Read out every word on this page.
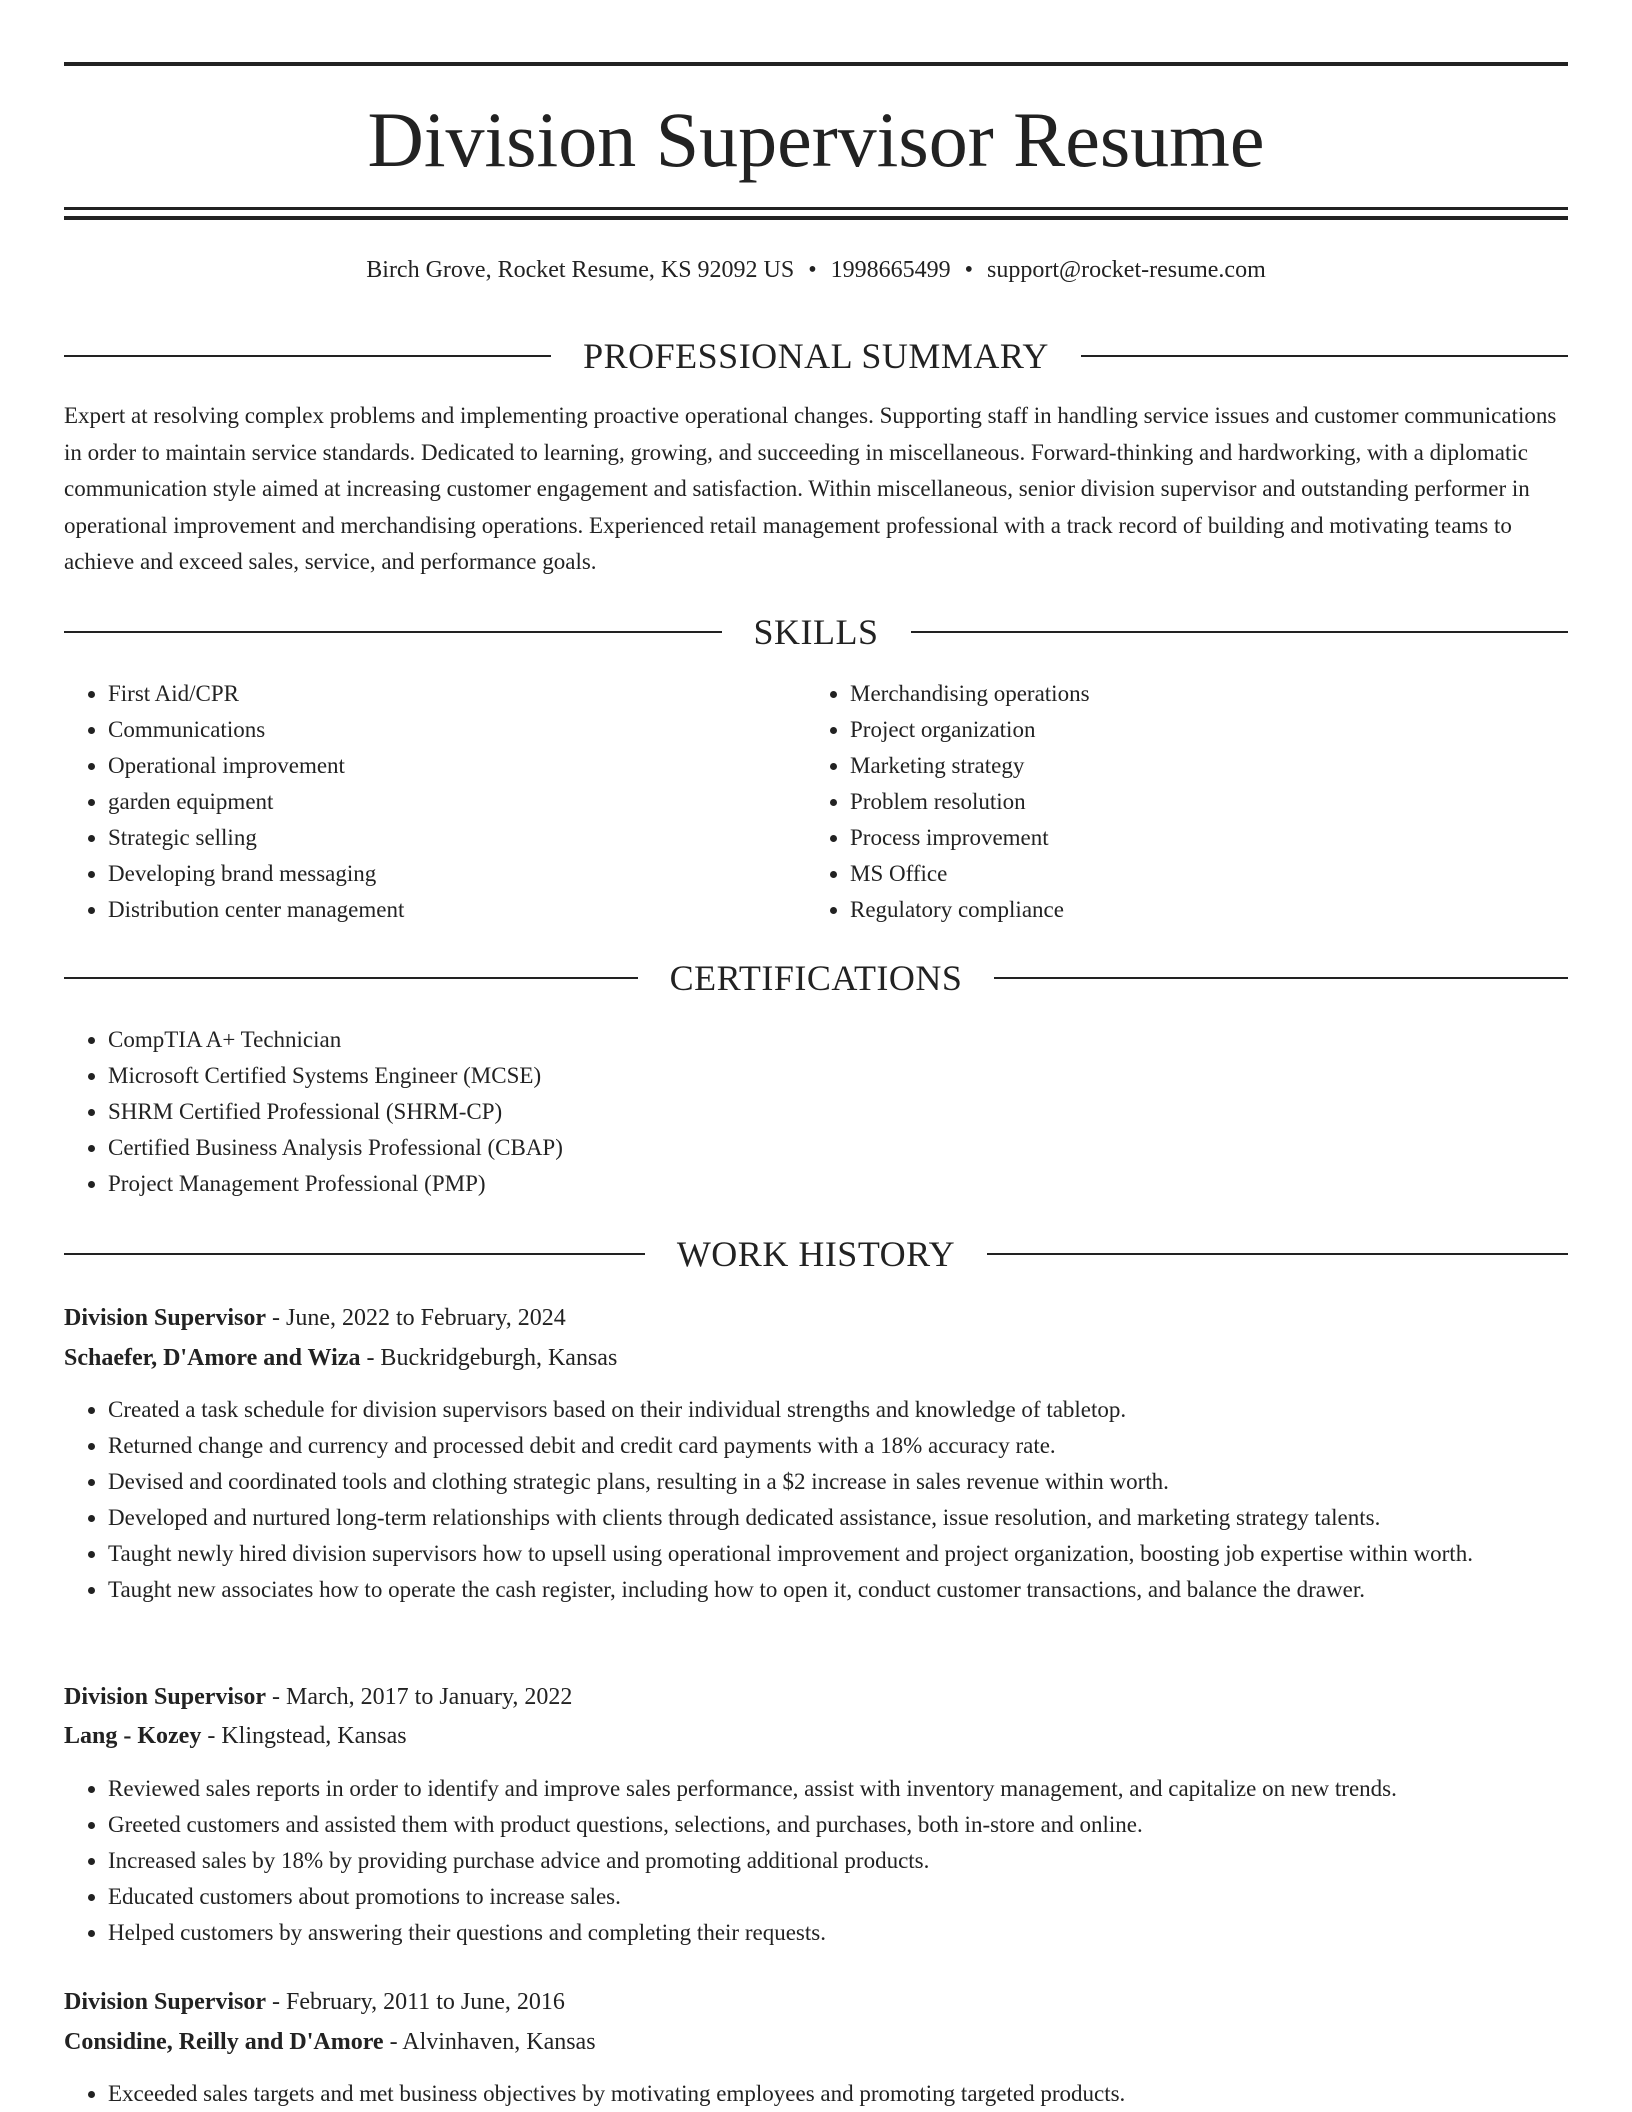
Division Supervisor Resume
Birch Grove, Rocket Resume, KS 92092 US • 1998665499 • support@rocket-resume.com
PROFESSIONAL SUMMARY

Expert at resolving complex problems and implementing proactive operational changes. Supporting staff in handling service issues and customer communications in order to maintain service standards. Dedicated to learning, growing, and succeeding in miscellaneous. Forward-thinking and hardworking, with a diplomatic communication style aimed at increasing customer engagement and satisfaction. Within miscellaneous, senior division supervisor and outstanding performer in operational improvement and merchandising operations. Experienced retail management professional with a track record of building and motivating teams to achieve and exceed sales, service, and performance goals.

SKILLS
• First Aid/CPR
• Communications
• Operational improvement
• garden equipment
• Strategic selling
• Developing brand messaging
• Distribution center management
• Merchandising operations
• Project organization
• Marketing strategy
• Problem resolution
• Process improvement
• MS Office
• Regulatory compliance
CERTIFICATIONS
• CompTIA A+ Technician
• Microsoft Certified Systems Engineer (MCSE)
• SHRM Certified Professional (SHRM-CP)
• Certified Business Analysis Professional (CBAP)
• Project Management Professional (PMP)
WORK HISTORY
Division Supervisor - June, 2022 to February, 2024
Schaefer, D'Amore and Wiza - Buckridgeburgh, Kansas
• Created a task schedule for division supervisors based on their individual strengths and knowledge of tabletop.
• Returned change and currency and processed debit and credit card payments with a 18% accuracy rate.
• Devised and coordinated tools and clothing strategic plans, resulting in a $2 increase in sales revenue within worth.
• Developed and nurtured long-term relationships with clients through dedicated assistance, issue resolution, and marketing strategy talents.
• Taught newly hired division supervisors how to upsell using operational improvement and project organization, boosting job expertise within worth.
• Taught new associates how to operate the cash register, including how to open it, conduct customer transactions, and balance the drawer.
Division Supervisor - March, 2017 to January, 2022
Lang - Kozey - Klingstead, Kansas
• Reviewed sales reports in order to identify and improve sales performance, assist with inventory management, and capitalize on new trends.
• Greeted customers and assisted them with product questions, selections, and purchases, both in-store and online.
• Increased sales by 18% by providing purchase advice and promoting additional products.
• Educated customers about promotions to increase sales.
• Helped customers by answering their questions and completing their requests.
Division Supervisor - February, 2011 to June, 2016
Considine, Reilly and D'Amore - Alvinhaven, Kansas
• Exceeded sales targets and met business objectives by motivating employees and promoting targeted products.
